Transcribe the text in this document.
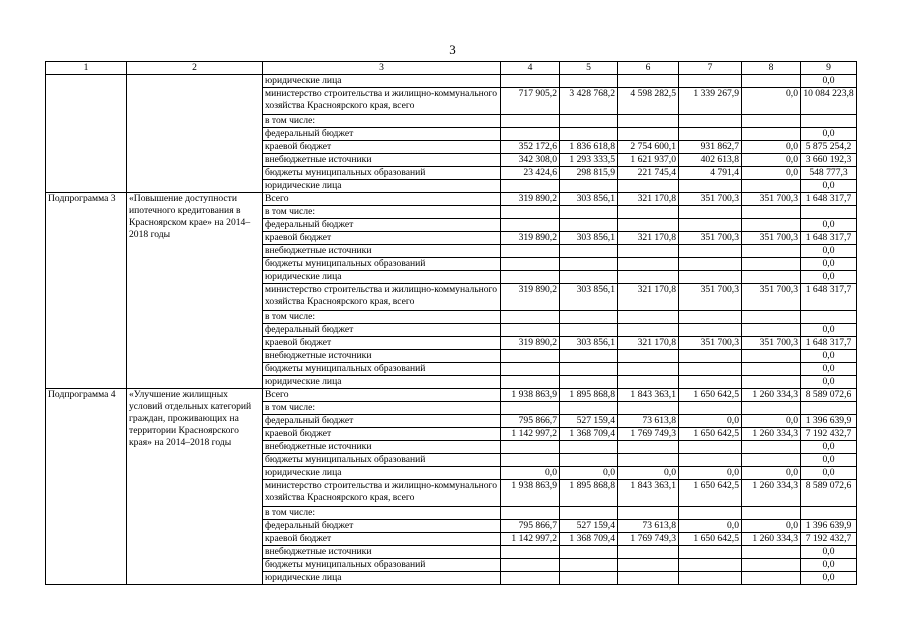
3
1	2	3	4	5	6	7	8	9
		юридические лица						0,0
		министерство строительства и жилищно-коммунального хозяйства Красноярского края, всего	717 905,2	3 428 768,2	4 598 282,5	1 339 267,9	0,0	10 084 223,8
		в том числе:						
		федеральный бюджет						0,0
		краевой бюджет	352 172,6	1 836 618,8	2 754 600,1	931 862,7	0,0	5 875 254,2
		внебюджетные источники	342 308,0	1 293 333,5	1 621 937,0	402 613,8	0,0	3 660 192,3
		бюджеты муниципальных образований	23 424,6	298 815,9	221 745,4	4 791,4	0,0	548 777,3
		юридические лица						0,0
Подпрограмма 3	«Повышение доступности ипотечного кредитования в Красноярском крае» на 2014–2018 годы	Всего	319 890,2	303 856,1	321 170,8	351 700,3	351 700,3	1 648 317,7
		в том числе:						
		федеральный бюджет						0,0
		краевой бюджет	319 890,2	303 856,1	321 170,8	351 700,3	351 700,3	1 648 317,7
		внебюджетные источники						0,0
		бюджеты муниципальных образований						0,0
		юридические лица						0,0
		министерство строительства и жилищно-коммунального хозяйства Красноярского края, всего	319 890,2	303 856,1	321 170,8	351 700,3	351 700,3	1 648 317,7
		в том числе:						
		федеральный бюджет						0,0
		краевой бюджет	319 890,2	303 856,1	321 170,8	351 700,3	351 700,3	1 648 317,7
		внебюджетные источники						0,0
		бюджеты муниципальных образований						0,0
		юридические лица						0,0
Подпрограмма 4	«Улучшение жилищных условий отдельных категорий граждан, проживающих на территории Красноярского края» на 2014–2018 годы	Всего	1 938 863,9	1 895 868,8	1 843 363,1	1 650 642,5	1 260 334,3	8 589 072,6
		в том числе:						
		федеральный бюджет	795 866,7	527 159,4	73 613,8	0,0	0,0	1 396 639,9
		краевой бюджет	1 142 997,2	1 368 709,4	1 769 749,3	1 650 642,5	1 260 334,3	7 192 432,7
		внебюджетные источники						0,0
		бюджеты муниципальных образований						0,0
		юридические лица	0,0	0,0	0,0	0,0	0,0	0,0
		министерство строительства и жилищно-коммунального хозяйства Красноярского края, всего	1 938 863,9	1 895 868,8	1 843 363,1	1 650 642,5	1 260 334,3	8 589 072,6
		в том числе:						
		федеральный бюджет	795 866,7	527 159,4	73 613,8	0,0	0,0	1 396 639,9
		краевой бюджет	1 142 997,2	1 368 709,4	1 769 749,3	1 650 642,5	1 260 334,3	7 192 432,7
		внебюджетные источники						0,0
		бюджеты муниципальных образований						0,0
		юридические лица						0,0
